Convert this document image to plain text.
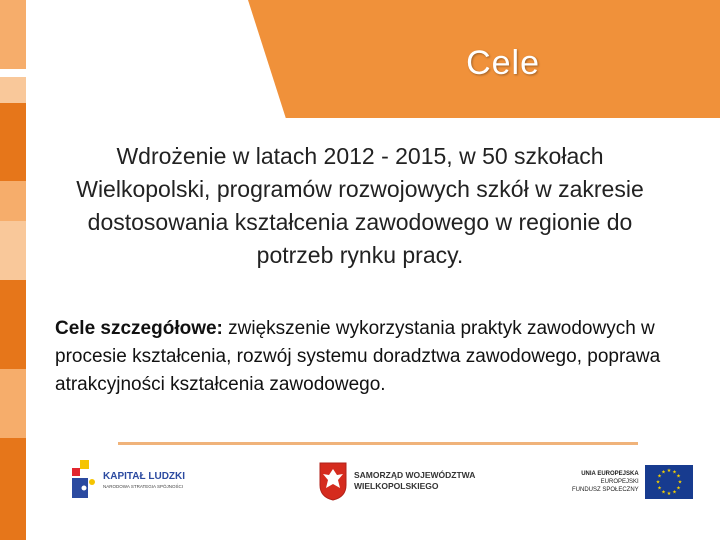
Cele
Wdrożenie w latach 2012 - 2015, w 50 szkołach Wielkopolski, programów rozwojowych szkół w zakresie dostosowania kształcenia zawodowego w regionie do potrzeb rynku pracy.
Cele szczegółowe: zwiększenie wykorzystania praktyk zawodowych w procesie kształcenia, rozwój systemu doradztwa zawodowego, poprawa atrakcyjności kształcenia zawodowego.
KAPITAŁ LUDZKI
NARODOWA STRATEGIA SPÓJNOŚCI
SAMORZĄD WOJEWÓDZTWA
WIELKOPOLSKIEGO
UNIA EUROPEJSKA
EUROPEJSKI
FUNDUSZ SPOŁECZNY
★ ★
★
★
★
★
★
★
★
★
★
★
